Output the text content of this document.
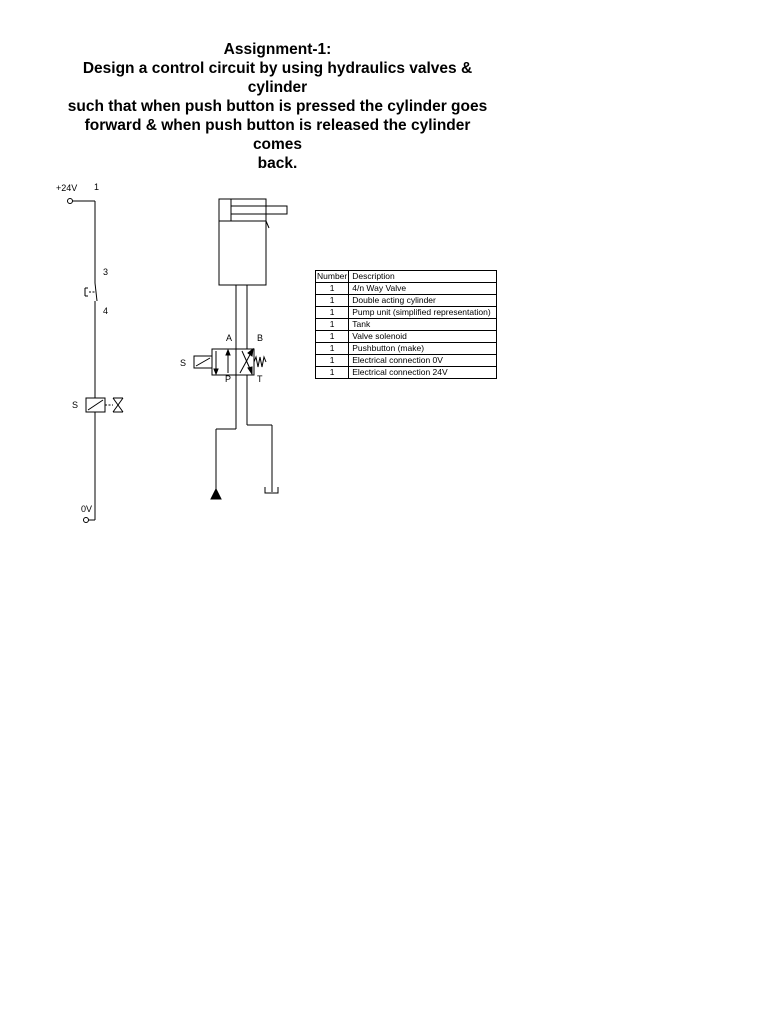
Assignment-1:
Design a control circuit by using hydraulics valves &
cylinder
such that when push button is pressed the cylinder goes
forward & when push button is released the cylinder comes
back.
+24V 1
3
4
S
0V
A	B
P	T
S
Number	Description
1	4/n Way Valve
1	Double acting cylinder
1	Pump unit (simplified representation)
1	Tank
1	Valve solenoid
1	Pushbutton (make)
1	Electrical connection 0V
1	Electrical connection 24V
